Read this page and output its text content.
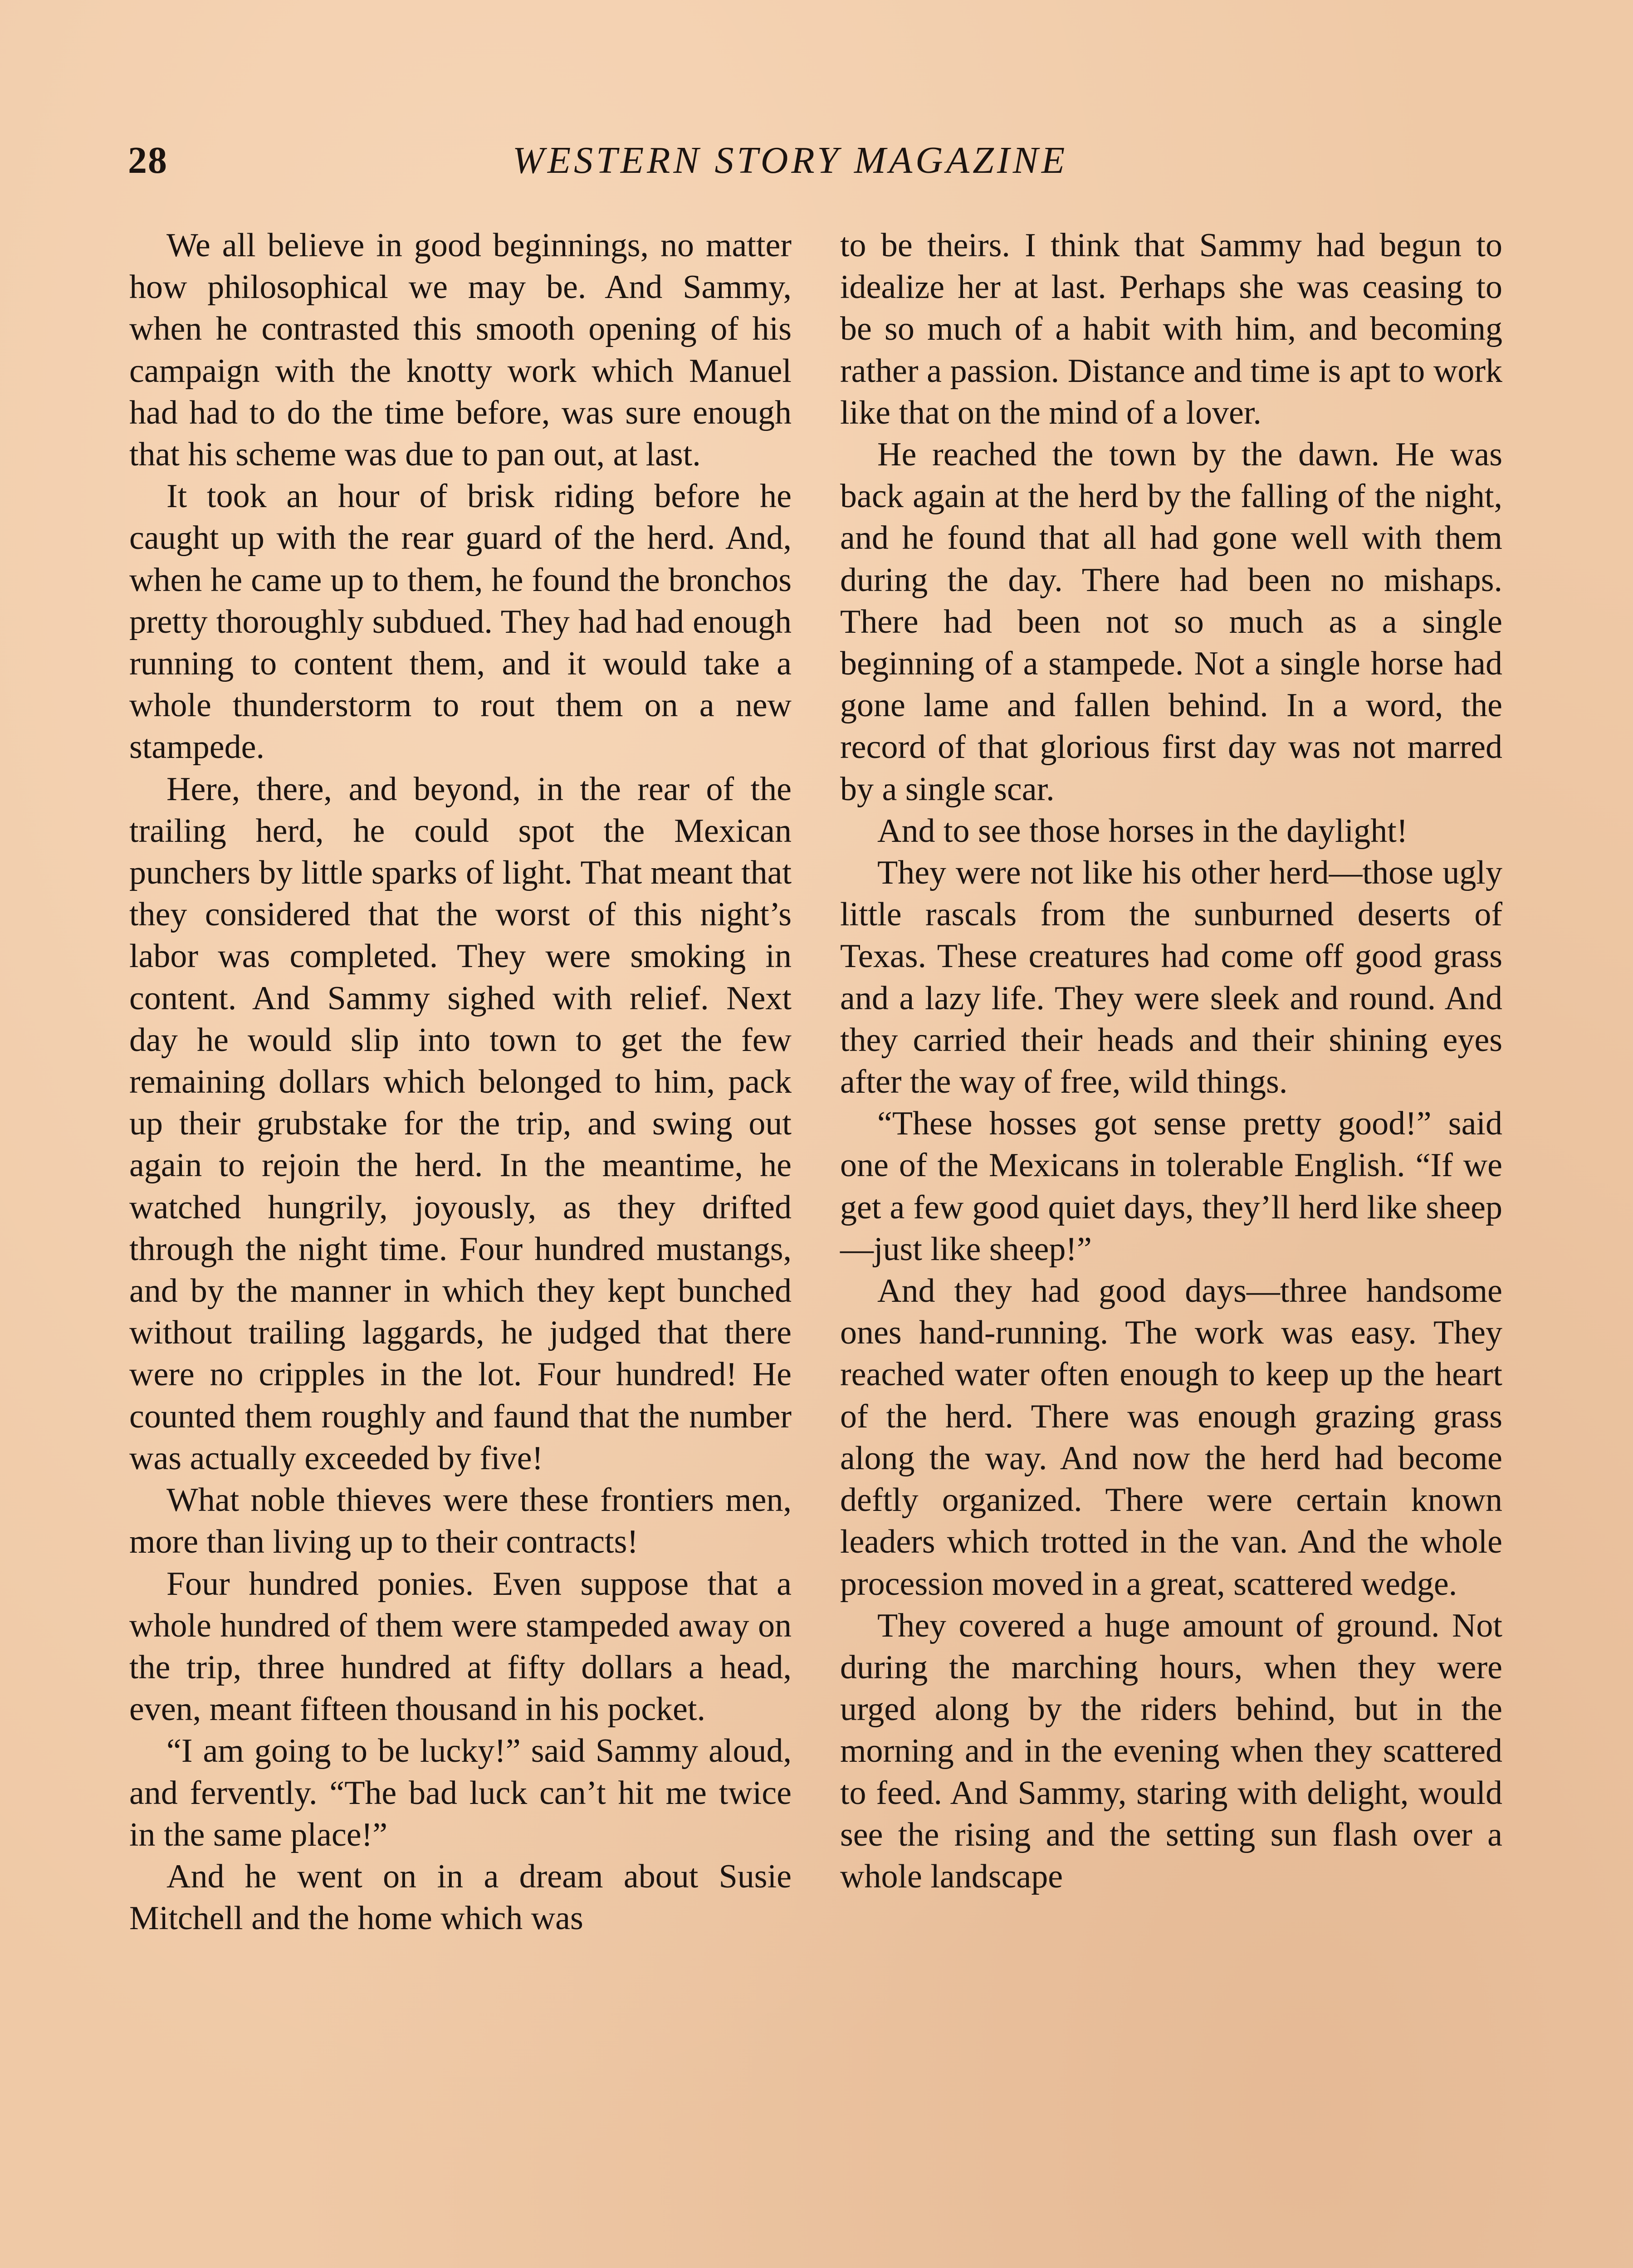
28	WESTERN STORY MAGAZINE

We all believe in good beginnings, no matter how philosophical we may be. And Sammy, when he contrasted this smooth opening of his campaign with the knotty work which Manuel had had to do the time before, was sure enough that his scheme was due to pan out, at last.

It took an hour of brisk riding before he caught up with the rear guard of the herd. And, when he came up to them, he found the bronchos pretty thoroughly subdued. They had had enough running to content them, and it would take a whole thunderstorm to rout them on a new stampede.

Here, there, and beyond, in the rear of the trailing herd, he could spot the Mexican punchers by little sparks of light. That meant that they considered that the worst of this night’s labor was completed. They were smoking in content. And Sammy sighed with relief. Next day he would slip into town to get the few remaining dollars which belonged to him, pack up their grubstake for the trip, and swing out again to rejoin the herd. In the meantime, he watched hungrily, joyously, as they drifted through the night time. Four hundred mustangs, and by the manner in which they kept bunched without trailing laggards, he judged that there were no cripples in the lot. Four hundred! He counted them roughly and faund that the number was actually exceeded by five!

What noble thieves were these frontiers men, more than living up to their contracts!

Four hundred ponies. Even suppose that a whole hundred of them were stampeded away on the trip, three hundred at fifty dollars a head, even, meant fifteen thousand in his pocket.

“I am going to be lucky!” said Sammy aloud, and fervently. “The bad luck can’t hit me twice in the same place!”

And he went on in a dream about Susie Mitchell and the home which was

to be theirs. I think that Sammy had begun to idealize her at last. Perhaps she was ceasing to be so much of a habit with him, and becoming rather a passion. Distance and time is apt to work like that on the mind of a lover.

He reached the town by the dawn. He was back again at the herd by the falling of the night, and he found that all had gone well with them during the day. There had been no mishaps. There had been not so much as a single beginning of a stampede. Not a single horse had gone lame and fallen behind. In a word, the record of that glorious first day was not marred by a single scar.

And to see those horses in the daylight!

They were not like his other herd—those ugly little rascals from the sunburned deserts of Texas. These creatures had come off good grass and a lazy life. They were sleek and round. And they carried their heads and their shining eyes after the way of free, wild things.

“These hosses got sense pretty good!” said one of the Mexicans in tolerable English. “If we get a few good quiet days, they’ll herd like sheep—just like sheep!”

And they had good days—three handsome ones hand-running. The work was easy. They reached water often enough to keep up the heart of the herd. There was enough grazing grass along the way. And now the herd had become deftly organized. There were certain known leaders which trotted in the van. And the whole procession moved in a great, scattered wedge.

They covered a huge amount of ground. Not during the marching hours, when they were urged along by the riders behind, but in the morning and in the evening when they scattered to feed. And Sammy, staring with delight, would see the rising and the setting sun flash over a whole landscape
